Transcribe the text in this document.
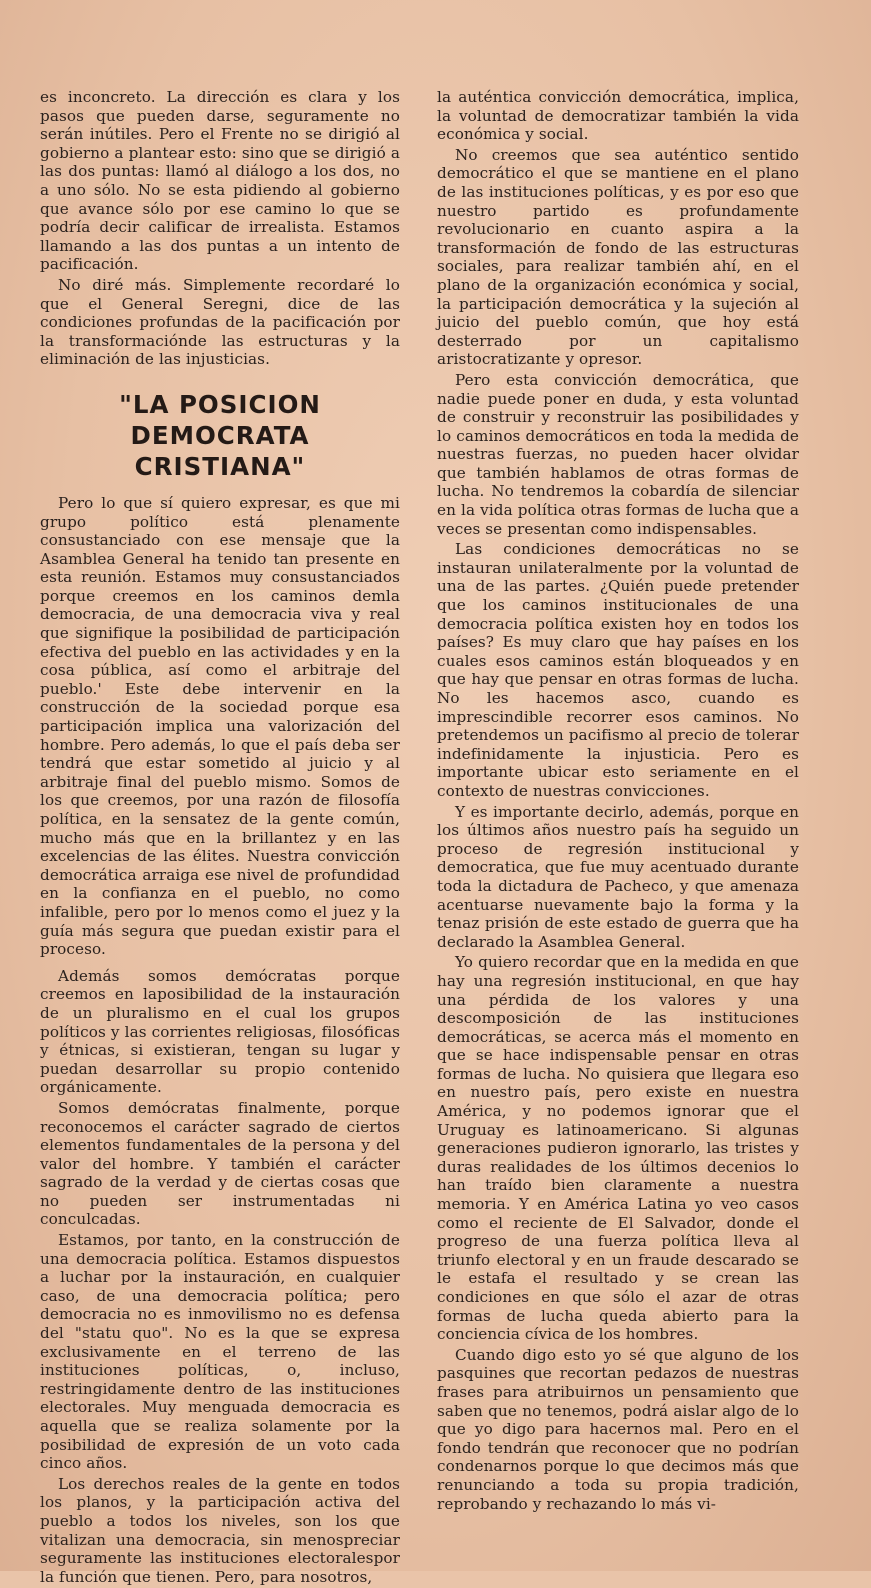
es inconcreto. La dirección es clara y los pasos que pueden darse, seguramente no serán inútiles. Pero el Frente no se dirigió al gobierno a plantear esto: sino que se dirigió a las dos puntas: llamó al diálogo a los dos, no a uno sólo. No se esta pidiendo al gobierno que avance sólo por ese camino lo que se podría decir calificar de irrealista. Estamos llamando a las dos puntas a un intento de pacificación.

No diré más. Simplemente recordaré lo que el General Seregni, dice de las condiciones profundas de la pacificación por la transformaciónde las estructuras y la eliminación de las injusticias.

"LA POSICION DEMOCRATA
CRISTIANA"

Pero lo que sí quiero expresar, es que mi grupo político está plenamente consustanciado con ese mensaje que la Asamblea General ha tenido tan presente en esta reunión. Estamos muy consustanciados porque creemos en los caminos demla democracia, de una democracia viva y real que signifique la posibilidad de participación efectiva del pueblo en las actividades y en la cosa pública, así como el arbitraje del pueblo.' Este debe intervenir en la construcción de la sociedad porque esa participación implica una valorización del hombre. Pero además, lo que el país deba ser tendrá que estar sometido al juicio y al arbitraje final del pueblo mismo. Somos de los que creemos, por una razón de filosofía política, en la sensatez de la gente común, mucho más que en la brillantez y en las excelencias de las élites. Nuestra convicción democrática arraiga ese nivel de profundidad en la confianza en el pueblo, no como infalible, pero por lo menos como el juez y la guía más segura que puedan existir para el proceso.

Además somos demócratas porque creemos en laposibilidad de la instauración de un pluralismo en el cual los grupos políticos y las corrientes religiosas, filosóficas y étnicas, si existieran, tengan su lugar y puedan desarrollar su propio contenido orgánicamente.

Somos demócratas finalmente, porque reconocemos el carácter sagrado de ciertos elementos fundamentales de la persona y del valor del hombre. Y también el carácter sagrado de la verdad y de ciertas cosas que no pueden ser instrumentadas ni conculcadas.

Estamos, por tanto, en la construcción de una democracia política. Estamos dispuestos a luchar por la instauración, en cualquier caso, de una democracia política; pero democracia no es inmovilismo no es defensa del "statu quo". No es la que se expresa exclusivamente en el terreno de las instituciones políticas, o, incluso, restringidamente dentro de las instituciones electorales. Muy menguada democracia es aquella que se realiza solamente por la posibilidad de expresión de un voto cada cinco años.

Los derechos reales de la gente en todos los planos, y la participación activa del pueblo a todos los niveles, son los que vitalizan una democracia, sin menospreciar seguramente las instituciones electoralespor la función que tienen. Pero, para nosotros,

la auténtica convicción democrática, implica, la voluntad de democratizar también la vida económica y social.

No creemos que sea auténtico sentido democrático el que se mantiene en el plano de las instituciones políticas, y es por eso que nuestro partido es profundamente revolucionario en cuanto aspira a la transformación de fondo de las estructuras sociales, para realizar también ahí, en el plano de la organización económica y social, la participación democrática y la sujeción al juicio del pueblo común, que hoy está desterrado por un capitalismo aristocratizante y opresor.

Pero esta convicción democrática, que nadie puede poner en duda, y esta voluntad de construir y reconstruir las posibilidades y lo caminos democráticos en toda la medida de nuestras fuerzas, no pueden hacer olvidar que también hablamos de otras formas de lucha. No tendremos la cobardía de silenciar en la vida política otras formas de lucha que a veces se presentan como indispensables.

Las condiciones democráticas no se instauran unilateralmente por la voluntad de una de las partes. ¿Quién puede pretender que los caminos institucionales de una democracia política existen hoy en todos los países? Es muy claro que hay países en los cuales esos caminos están bloqueados y en que hay que pensar en otras formas de lucha. No les hacemos asco, cuando es imprescindible recorrer esos caminos. No pretendemos un pacifismo al precio de tolerar indefinidamente la injusticia. Pero es importante ubicar esto seriamente en el contexto de nuestras convicciones.

Y es importante decirlo, además, porque en los últimos años nuestro país ha seguido un proceso de regresión institucional y democratica, que fue muy acentuado durante toda la dictadura de Pacheco, y que amenaza acentuarse nuevamente bajo la forma y la tenaz prisión de este estado de guerra que ha declarado la Asamblea General.

Yo quiero recordar que en la medida en que hay una regresión institucional, en que hay una pérdida de los valores y una descomposición de las instituciones democráticas, se acerca más el momento en que se hace indispensable pensar en otras formas de lucha. No quisiera que llegara eso en nuestro país, pero existe en nuestra América, y no podemos ignorar que el Uruguay es latinoamericano. Si algunas generaciones pudieron ignorarlo, las tristes y duras realidades de los últimos decenios lo han traído bien claramente a nuestra memoria. Y en América Latina yo veo casos como el reciente de El Salvador, donde el progreso de una fuerza política lleva al triunfo electoral y en un fraude descarado se le estafa el resultado y se crean las condiciones en que sólo el azar de otras formas de lucha queda abierto para la conciencia cívica de los hombres.

Cuando digo esto yo sé que alguno de los pasquines que recortan pedazos de nuestras frases para atribuirnos un pensamiento que saben que no tenemos, podrá aislar algo de lo que yo digo para hacernos mal. Pero en el fondo tendrán que reconocer que no podrían condenarnos porque lo que decimos más que renunciando a toda su propia tradición, reprobando y rechazando lo más vi-
